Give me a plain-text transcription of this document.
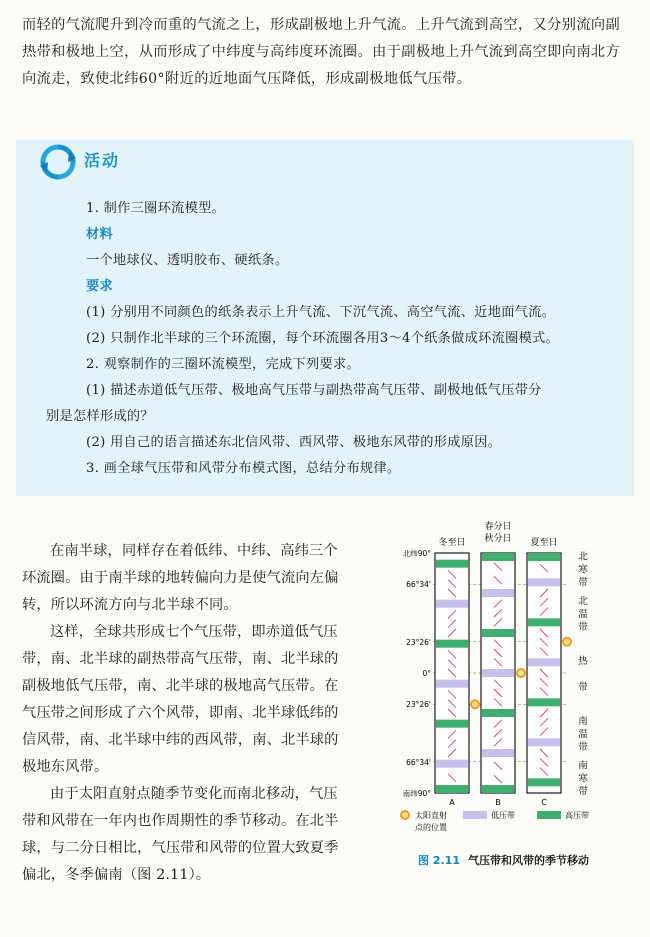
而轻的气流爬升到冷而重的气流之上，形成副极地上升气流。上升气流到高空，又分别流向副热带和极地上空，从而形成了中纬度与高纬度环流圈。由于副极地上升气流到高空即向南北方向流走，致使北纬60°附近的近地面气压降低，形成副极地低气压带。
活动

1. 制作三圈环流模型。

材料

一个地球仪、透明胶布、硬纸条。

要求

(1) 分别用不同颜色的纸条表示上升气流、下沉气流、高空气流、近地面气流。

(2) 只制作北半球的三个环流圈，每个环流圈各用3～4个纸条做成环流圈模式。

2. 观察制作的三圈环流模型，完成下列要求。

(1) 描述赤道低气压带、极地高气压带与副热带高气压带、副极地低气压带分

别是怎样形成的？

(2) 用自己的语言描述东北信风带、西风带、极地东风带的形成原因。

3. 画全球气压带和风带分布模式图，总结分布规律。

在南半球，同样存在着低纬、中纬、高纬三个环流圈。由于南半球的地转偏向力是使气流向左偏转，所以环流方向与北半球不同。

这样，全球共形成七个气压带，即赤道低气压带，南、北半球的副热带高气压带，南、北半球的副极地低气压带，南、北半球的极地高气压带。在气压带之间形成了六个风带，即南、北半球低纬的信风带，南、北半球中纬的西风带，南、北半球的极地东风带。

由于太阳直射点随季节变化而南北移动，气压带和风带在一年内也作周期性的季节移动。在北半球，与二分日相比，气压带和风带的位置大致夏季偏北，冬季偏南（图 2.11）。

冬至日
春分日
秋分日 夏至日
北纬90°
66°34'
23°26'
0°
23°26'
66°34'
南纬90°
A	B	C
北
寒
带
北
温
带
热
带
南
温
带
南
寒
带
太阳直射
点的位置
低压带	高压带
图 2.11 气压带和风带的季节移动
